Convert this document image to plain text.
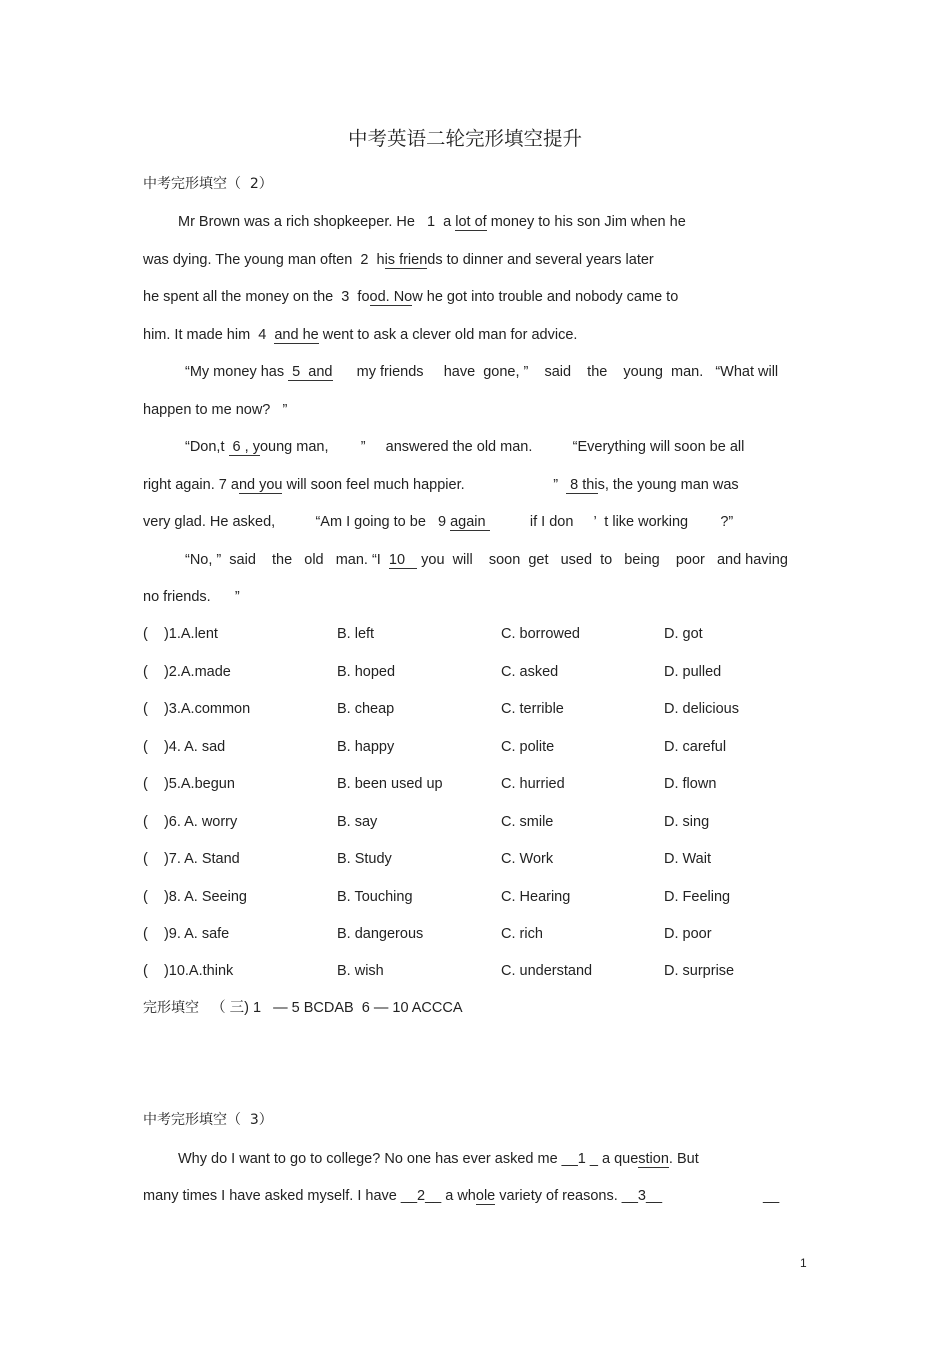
中考英语二轮完形填空提升
中考完形填空（  2）
Mr Brown was a rich shopkeeper. He   1  a lot of money to his son Jim when he
was dying. The young man often  2  his friends to dinner and several years later
he spent all the money on the  3  food. Now he got into trouble and nobody came to
him. It made him  4  and he went to ask a clever old man for advice.
“My money has  5  and      my friends     have  gone, ”    said    the    young  man.   “What will
happen to me now?   ”
“Don,t  6 , young man,        ”     answered the old man.          “Everything will soon be all
right again. 7 and you will soon feel much happier.                      ”   8 this, the young man was
very glad. He asked,          “Am I going to be   9 again           if I don     ’  t like working        ?”
“No, ”  said    the   old   man. “I  10    you  will    soon  get   used  to   being    poor   and having
no friends.      ”
(    )1.A.lent	B. left	C. borrowed	D. got
(    )2.A.made	B. hoped	C. asked	D. pulled
(    )3.A.common	B. cheap	C. terrible	D. delicious
(    )4. A. sad	B. happy	C. polite	D. careful
(    )5.A.begun	B. been used up	C. hurried	D. flown
(    )6. A. worry	B. say	C. smile	D. sing
(    )7. A. Stand	B. Study	C. Work	D. Wait
(    )8. A. Seeing	B. Touching	C. Hearing	D. Feeling
(    )9. A. safe	B. dangerous	C. rich	D. poor
(    )10.A.think	B. wish	C. understand	D. surprise
完形填空 （ 三) 1   — 5 BCDAB  6 — 10 ACCCA
中考完形填空（  3）
Why do I want to go to college? No one has ever asked me __1 _ a question. But
many times I have asked myself. I have __2__ a whole variety of reasons. __3__	__
1
